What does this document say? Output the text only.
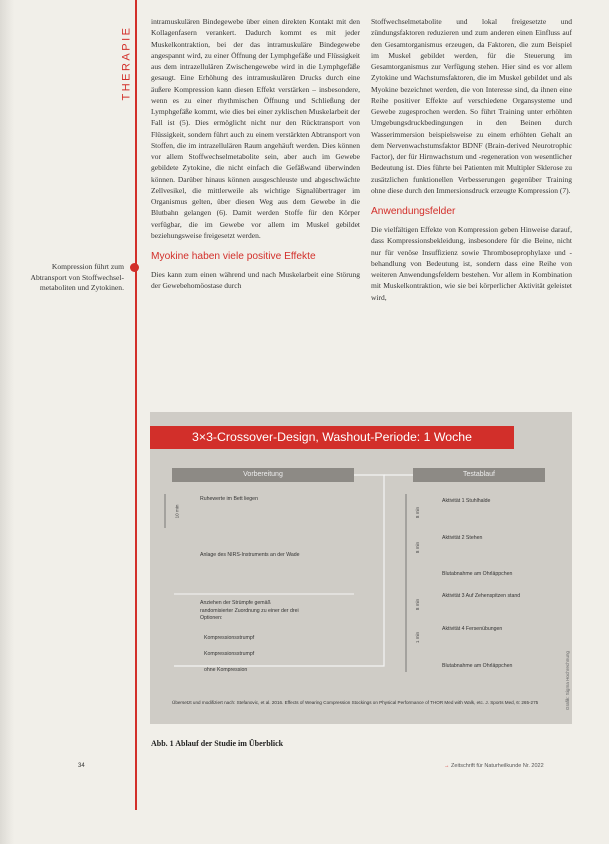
THERAPIE
Kompression führt zum Abtransport von Stoffwechselmetaboliten und Zytokinen.

intramuskulären Bindegewebe über einen direkten Kontakt mit den Kollagenfasern verankert. Dadurch kommt es mit jeder Muskelkontraktion, bei der das intramuskuläre Bindegewebe angespannt wird, zu einer Öffnung der Lymphgefäße und Flüssigkeit aus dem intrazellulären Zwischengewebe wird in die Lymphgefäße gesaugt. Eine Erhöhung des intramuskulären Drucks durch eine äußere Kompression kann diesen Effekt verstärken – insbesondere, wenn es zu einer rhythmischen Öffnung und Schließung der Lymphgefäße kommt, wie dies bei einer zyklischen Muskelarbeit der Fall ist (5). Dies ermöglicht nicht nur den Rücktransport von Flüssigkeit, sondern führt auch zu einem verstärkten Abtransport von Stoffen, die im intrazellulären Raum angehäuft werden. Dies können vor allem Stoffwechselmetabolite sein, aber auch im Gewebe gebildete Zytokine, die nicht einfach die Gefäßwand überwinden können. Darüber hinaus können ausgeschleuste und abgeschwächte Zellvesikel, die mittlerweile als wichtige Signalübertrager im Organismus gelten, über diesen Weg aus dem Gewebe in die Blutbahn gelangen (6). Damit werden Stoffe für den Körper verfügbar, die im Gewebe vor allem im Muskel gebildet beziehungsweise freigesetzt werden.

Myokine haben viele positive Effekte

Dies kann zum einen während und nach Muskelarbeit eine Störung der Gewebehomöostase durch

Stoffwechselmetabolite und lokal freigesetzte und zündungsfaktoren reduzieren und zum anderen einen Einfluss auf den Gesamtorganismus erzeugen, da Faktoren, die zum Beispiel im Muskel gebildet werden, für die Steuerung im Gesamtorganismus zur Verfügung stehen. Hier sind es vor allem Zytokine und Wachstumsfaktoren, die im Muskel gebildet und als Myokine bezeichnet werden, die von Interesse sind, da ihnen eine Reihe positiver Effekte auf verschiedene Organsysteme und Gewebe zugesprochen werden. So führt Training unter erhöhten Umgebungsdruckbedingungen in den Beinen durch Wasserimmersion beispielsweise zu einem erhöhten Gehalt an dem Nervenwachstumsfaktor BDNF (Brain-derived Neurotrophic Factor), der für Hirnwachstum und -regeneration von wesentlicher Bedeutung ist. Dies führte bei Patienten mit Multipler Sklerose zu zusätzlichen funktionellen Verbesserungen gegenüber Training ohne diese durch den Immersionsdruck erzeugte Kompression (7).

Anwendungsfelder

Die vielfältigen Effekte von Kompression geben Hinweise darauf, dass Kompressionsbekleidung, insbesondere für die Beine, nicht nur für venöse Insuffizienz sowie Thromboseprophylaxe und -behandlung von Bedeutung ist, sondern dass eine Reihe von weiteren Anwendungsfeldern bestehen. Vor allem in Kombination mit Muskelkontraktion, wie sie bei körperlicher Aktivität geleistet wird,

3×3-Crossover-Design, Washout-Periode: 1 Woche
Vorbereitung	Testablauf
10 min
Ruhewerte im Bett liegen
Anlage des NIRS-Instruments an der Wade
Anziehen der Strümpfe gemäß randomisierter Zuordnung zu einer der drei Optionen:
Kompressionsstrumpf
Kompressionsstrumpf
ohne Kompression
8 min
Aktivität 1 Stuhlhalde
8 min
Aktivität 2 Stehen
Blutabnahme am Ohrläppchen
8 min
Aktivität 3 Auf Zehenspitzen stand
1 min
Aktivität 4 Fersenübungen
Blutabnahme am Ohrläppchen	Grafik: Sigma Hochrechnung
Übersetzt und modifiziert nach: Stefanovic, et al. 2016. Effects of Wearing Compression Stockings on Physical Performance of THOR Med with Walk, etc. J. Sports Med, 6: 265-275
Abb. 1 Ablauf der Studie im Überblick
34	→ Zeitschrift für Naturheilkunde Nr. 2022
